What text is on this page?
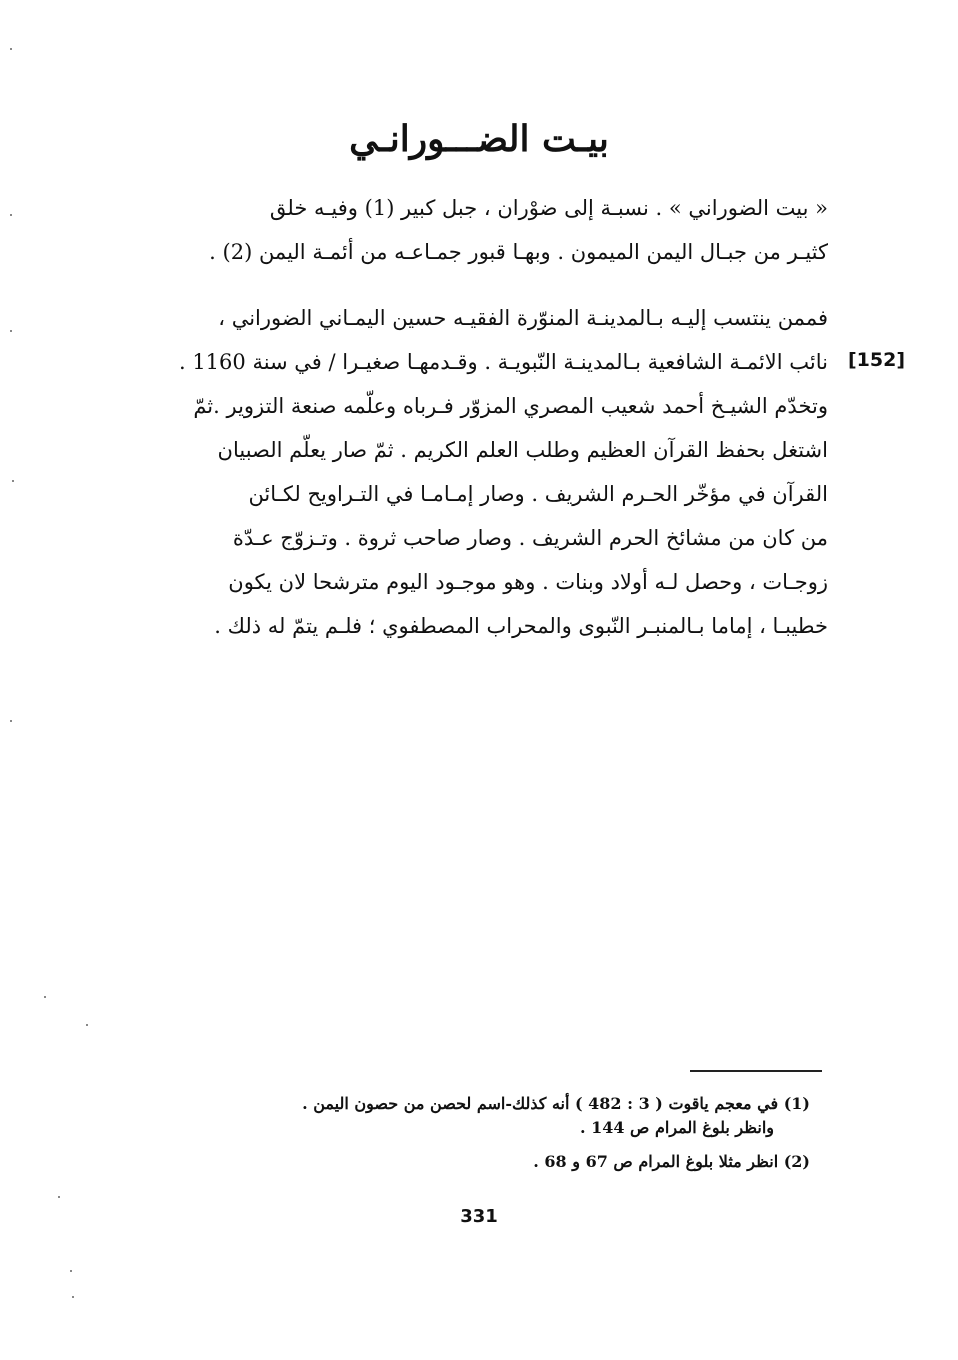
بيـت الضـــورانـي
« بيت الضوراني » . نسبـة إلى ضوْران ، جبل كبير (1) وفيـه خلق
كثيـر من جبـال اليمن الميمون . وبهـا قبور جمـاعـه من أئمـة اليمن (2) .
[152]
فممن ينتسب إليـه بـالمدينـة المنوّرة الفقيـه حسين اليمـاني الضوراني ،
نائب الائمـة الشافعية بـالمدينـة النّبويـة . وقـدمهـا صغيـرا / في سنة 1160 .
وتخدّم الشيـخ أحمد شعيب المصري المزوّر فـرباه وعلّمه صنعة التزوير .ثمّ
اشتغل بحفظ القرآن العظيم وطلب العلم الكريم . ثمّ صار يعلّم الصبيان
القرآن في مؤخّر الحـرم الشريف . وصار إمـامـا في التـراويح لكـائن
من كان من مشائخ الحرم الشريف . وصار صاحب ثروة . وتـزوّج عـدّة
زوجـات ، وحصل لـه أولاد وبنات . وهو موجـود اليوم مترشحا لان يكون
خطيبـا ، إماما بـالمنبـر النّبوى والمحراب المصطفوي ؛ فلـم يتمّ له ذلك .
(1) في معجم ياقوت ( 3 : 482 ) أنه كذلك-اسم لحصن من حصون اليمن .
وانظر بلوغ المرام ص 144 .
(2) انظر مثلا بلوغ المرام ص 67 و 68 .
331
